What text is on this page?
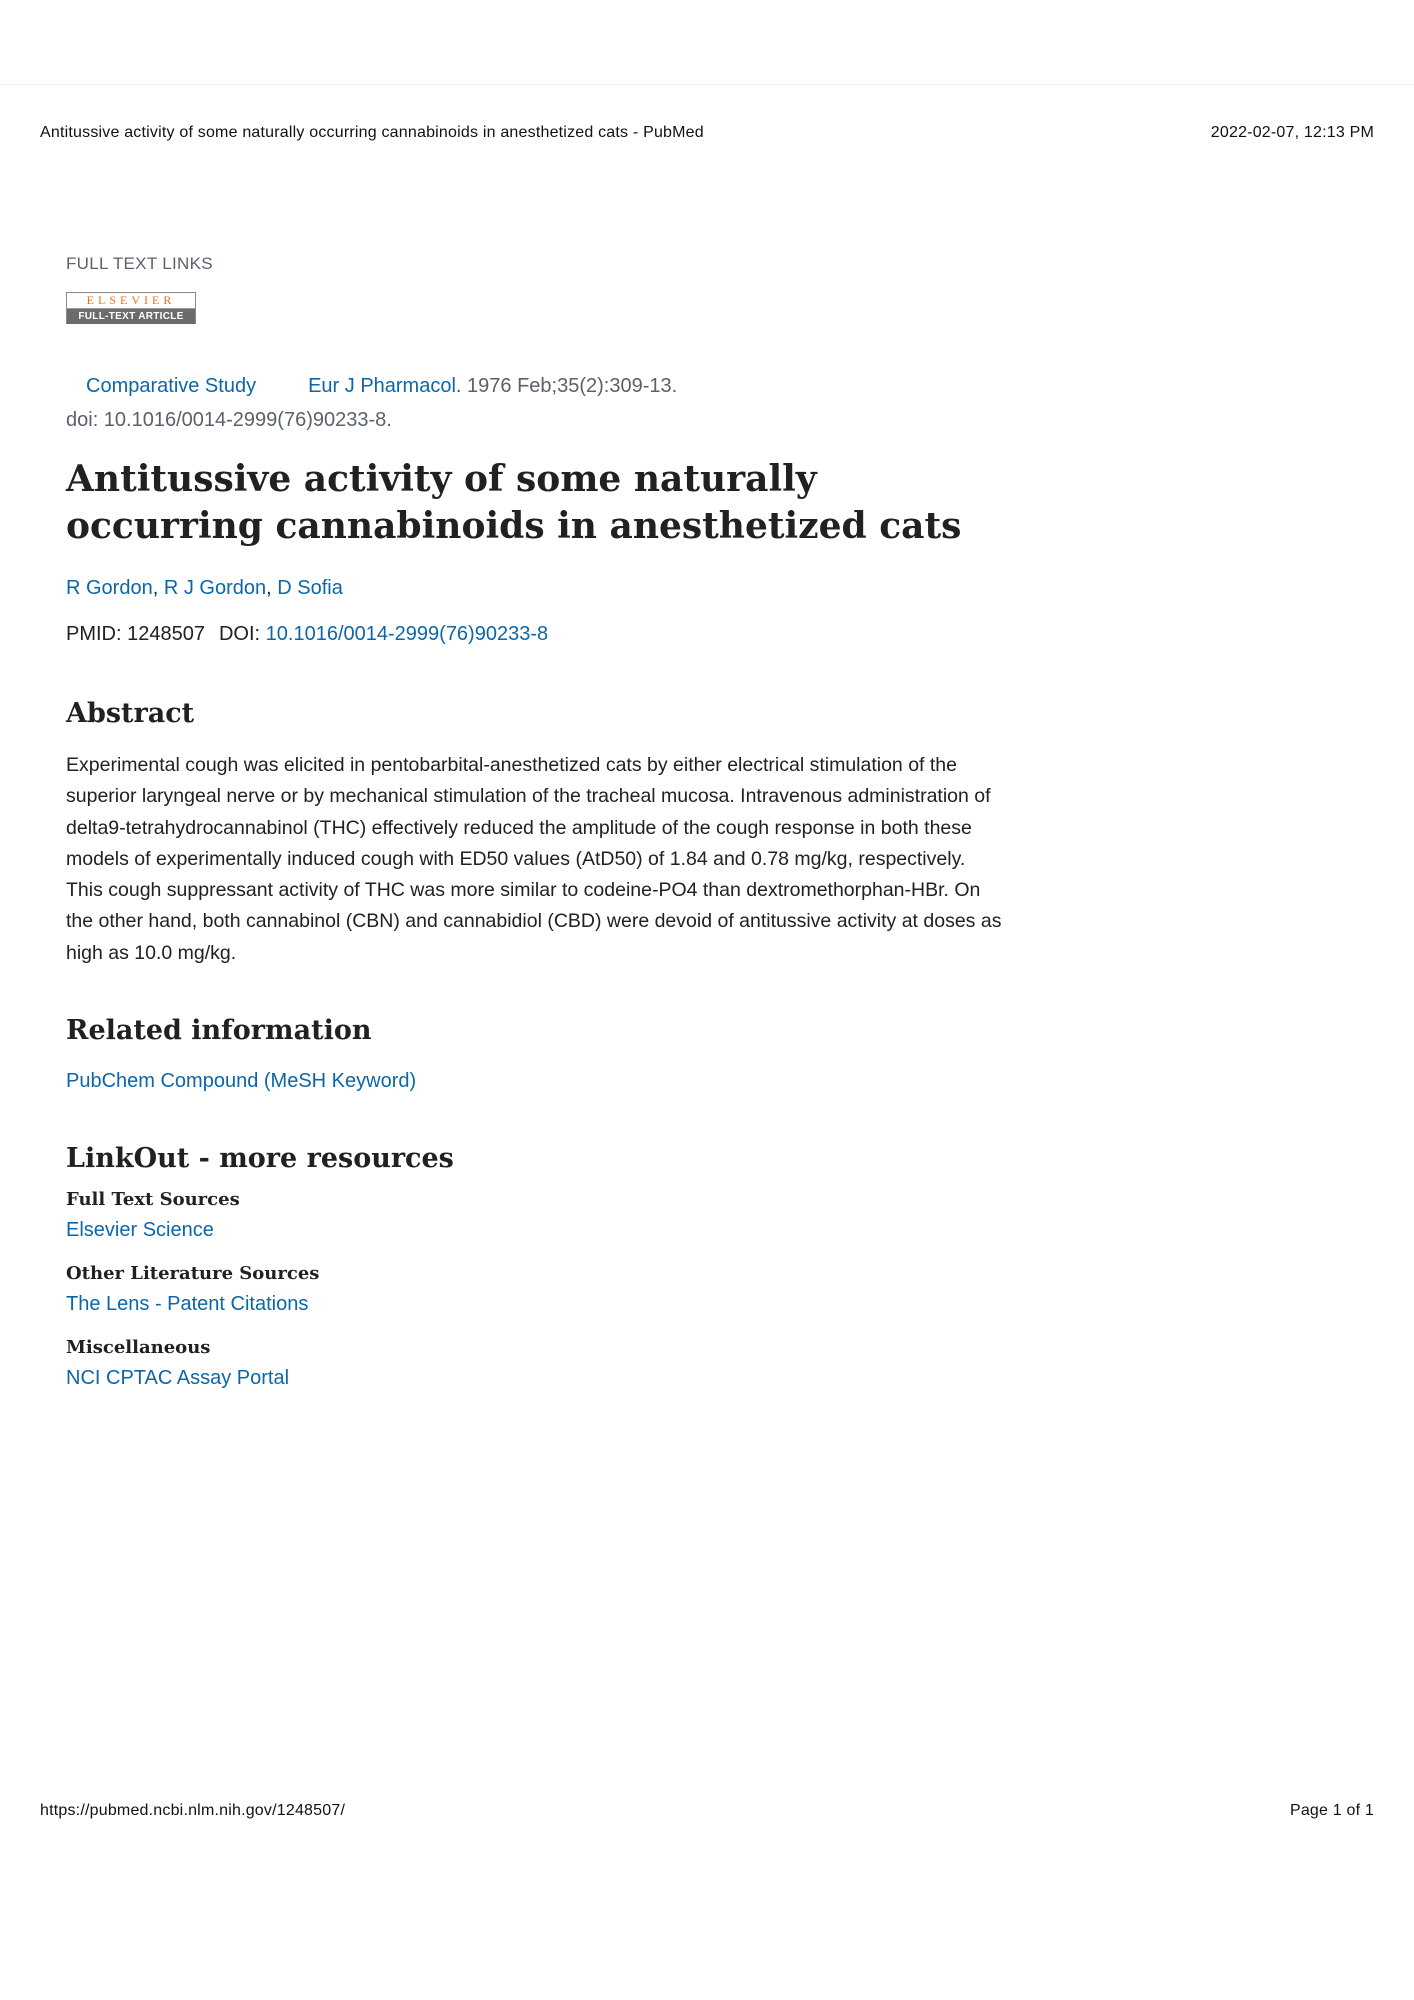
Antitussive activity of some naturally occurring cannabinoids in anesthetized cats - PubMed	2022-02-07, 12:13 PM

FULL TEXT LINKS

ELSEVIER
FULL-TEXT ARTICLE
Comparative Study	Eur J Pharmacol. 1976 Feb;35(2):309-13.
doi: 10.1016/0014-2999(76)90233-8.
Antitussive activity of some naturally occurring cannabinoids in anesthetized cats
R Gordon, R J Gordon, D Sofia
PMID: 1248507 DOI: 10.1016/0014-2999(76)90233-8
Abstract
Experimental cough was elicited in pentobarbital-anesthetized cats by either electrical stimulation of the superior laryngeal nerve or by mechanical stimulation of the tracheal mucosa. Intravenous administration of delta9-tetrahydrocannabinol (THC) effectively reduced the amplitude of the cough response in both these models of experimentally induced cough with ED50 values (AtD50) of 1.84 and 0.78 mg/kg, respectively. This cough suppressant activity of THC was more similar to codeine-PO4 than dextromethorphan-HBr. On the other hand, both cannabinol (CBN) and cannabidiol (CBD) were devoid of antitussive activity at doses as high as 10.0 mg/kg.
Related information
PubChem Compound (MeSH Keyword)
LinkOut - more resources
Full Text Sources
Elsevier Science
Other Literature Sources
The Lens - Patent Citations
Miscellaneous
NCI CPTAC Assay Portal
https://pubmed.ncbi.nlm.nih.gov/1248507/	Page 1 of 1
